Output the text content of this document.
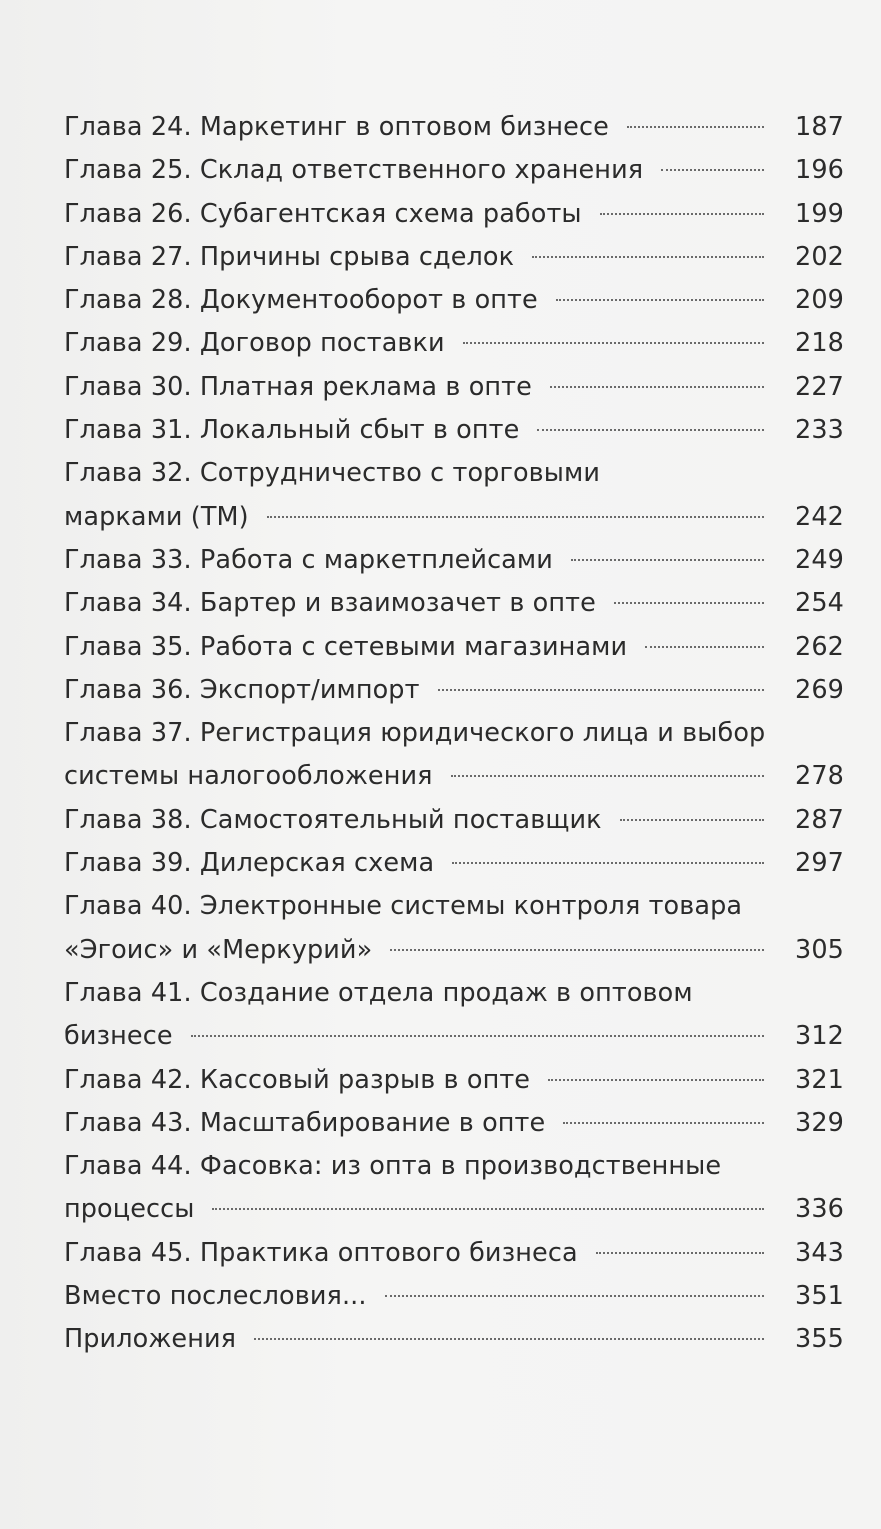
Глава 24. Маркетинг в оптовом бизнесе	187
Глава 25. Склад ответственного хранения	196
Глава 26. Субагентская схема работы	199
Глава 27. Причины срыва сделок	202
Глава 28. Документооборот в опте	209
Глава 29. Договор поставки	218
Глава 30. Платная реклама в опте	227
Глава 31. Локальный сбыт в опте	233
Глава 32. Сотрудничество с торговыми
марками (ТМ)	242
Глава 33. Работа с маркетплейсами	249
Глава 34. Бартер и взаимозачет в опте	254
Глава 35. Работа с сетевыми магазинами	262
Глава 36. Экспорт/импорт	269
Глава 37. Регистрация юридического лица и выбор
системы налогообложения	278
Глава 38. Самостоятельный поставщик	287
Глава 39. Дилерская схема	297
Глава 40. Электронные системы контроля товара
«Эгоис» и «Меркурий»	305
Глава 41. Создание отдела продаж в оптовом
бизнесе	312
Глава 42. Кассовый разрыв в опте	321
Глава 43. Масштабирование в опте	329
Глава 44. Фасовка: из опта в производственные
процессы	336
Глава 45. Практика оптового бизнеса	343
Вместо послесловия...	351
Приложения	355
